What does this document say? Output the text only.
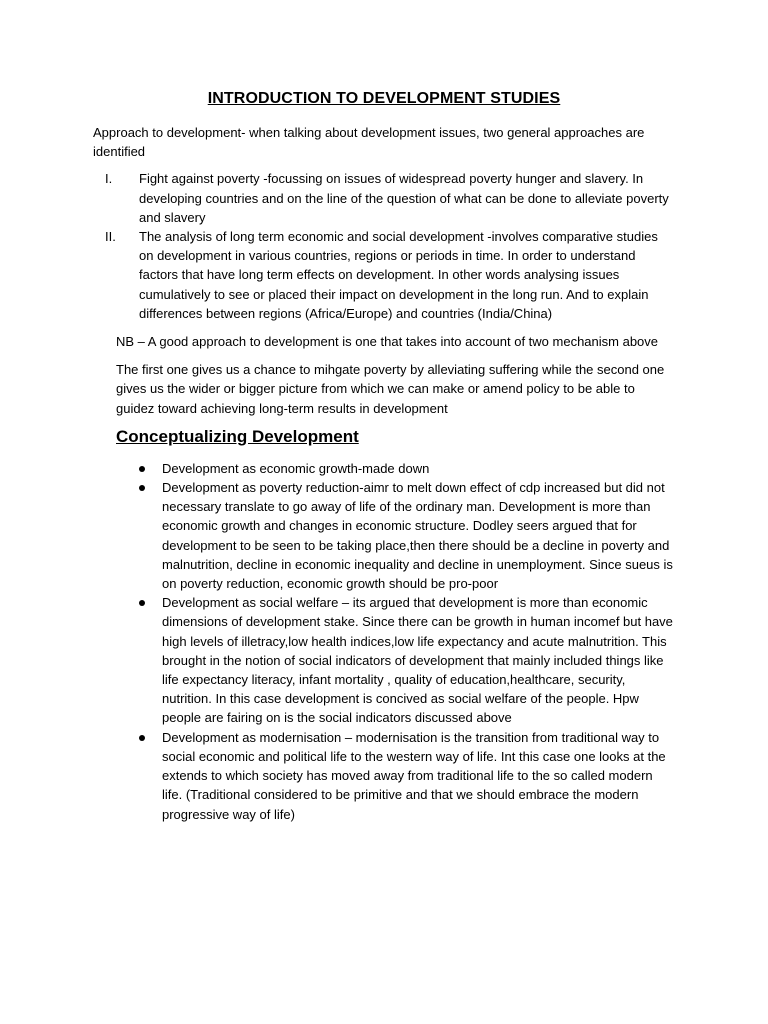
INTRODUCTION TO DEVELOPMENT STUDIES

Approach to development- when talking about development issues, two general approaches are identified

I. Fight against poverty -focussing on issues of widespread poverty hunger and slavery. In developing countries and on the line of the question of what can be done to alleviate poverty and slavery
II. The analysis of long term economic and social development -involves comparative studies on development in various countries, regions or periods in time. In order to understand factors that have long term effects on development. In other words analysing issues cumulatively to see or placed their impact on development in the long run. And to explain differences between regions (Africa/Europe) and countries (India/China)

NB – A good approach to development is one that takes into account of two mechanism above

The first one gives us a chance to mihgate poverty by alleviating suffering while the second one gives us the wider or bigger picture from which we can make or amend policy to be able to guidez toward achieving long-term results in development

Conceptualizing Development
Development as economic growth-made down
Development as poverty reduction-aimr to melt down effect of cdp increased but did not necessary translate to go away of life of the ordinary man. Development is more than economic growth and changes in economic structure. Dodley seers argued that for development to be seen to be taking place,then there should be a decline in poverty and malnutrition, decline in economic inequality and decline in unemployment. Since sueus is on poverty reduction, economic growth should be pro-poor
Development as social welfare – its argued that development is more than economic dimensions of development stake. Since there can be growth in human incomef but have high levels of illetracy,low health indices,low life expectancy and acute malnutrition. This brought in the notion of social indicators of development that mainly included things like life expectancy literacy, infant mortality , quality of education,healthcare, security, nutrition. In this case development is concived as social welfare of the people. Hpw people are fairing on is the social indicators discussed above
Development as modernisation – modernisation is the transition from traditional way to social economic and political life to the western way of life. Int this case one looks at the extends to which society has moved away from traditional life to the so called modern life. (Traditional considered to be primitive and that we should embrace the modern progressive way of life)
